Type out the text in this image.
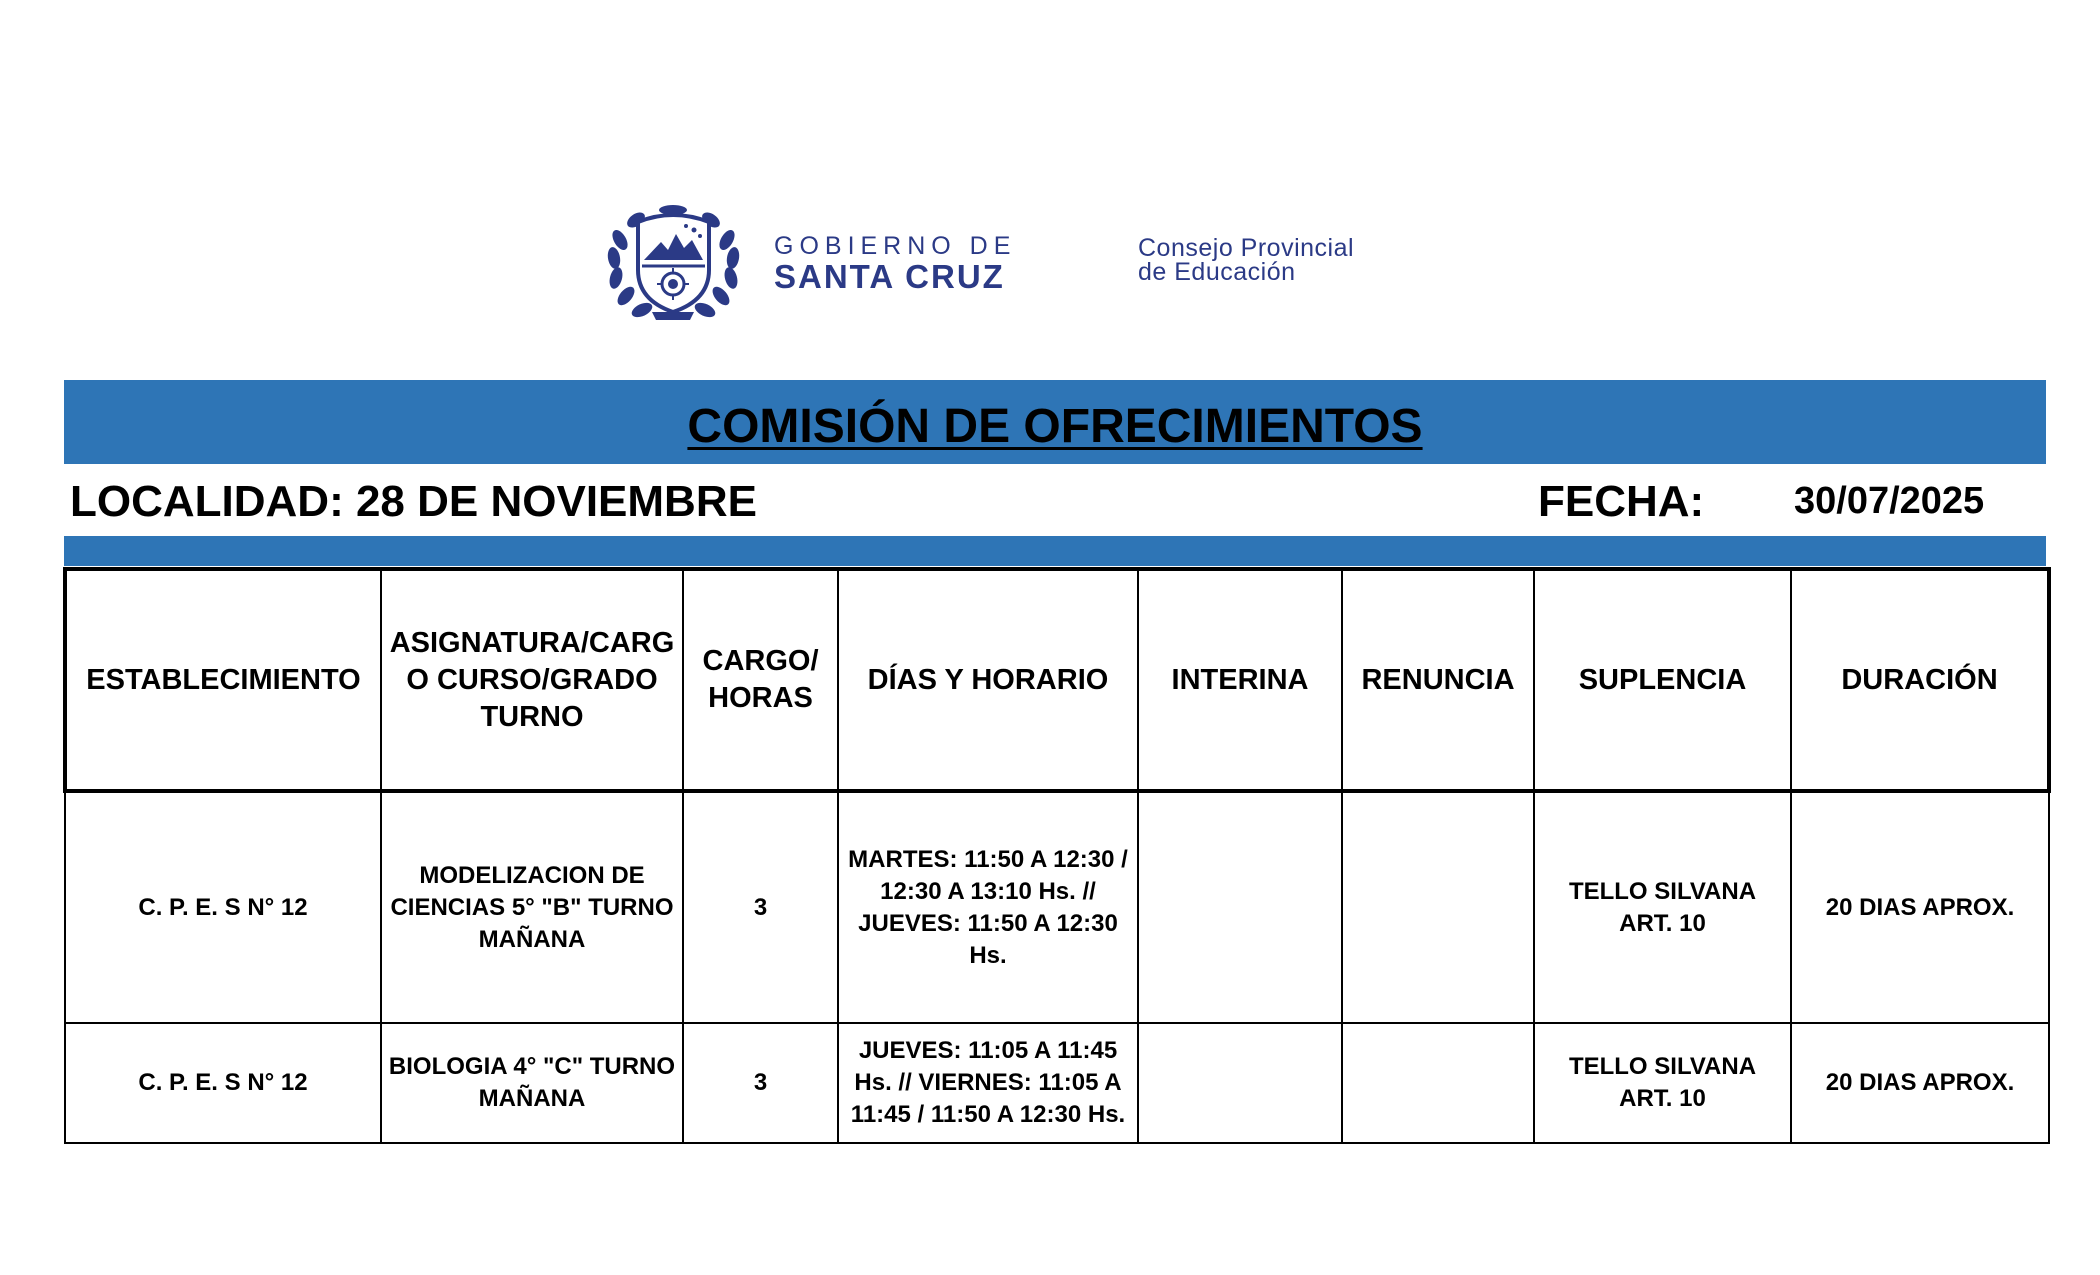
GOBIERNO DE
SANTA CRUZ
Consejo Provincial
de Educación
COMISIÓN DE OFRECIMIENTOS
LOCALIDAD: 28 DE NOVIEMBRE	FECHA: 30/07/2025
ESTABLECIMIENTO	ASIGNATURA/CARG O CURSO/GRADO TURNO	CARGO/ HORAS	DÍAS Y HORARIO	INTERINA	RENUNCIA	SUPLENCIA	DURACIÓN
C. P. E. S N° 12	MODELIZACION DE CIENCIAS 5° "B" TURNO MAÑANA	3	MARTES: 11:50 A 12:30 / 12:30 A 13:10 Hs. // JUEVES: 11:50 A 12:30 Hs.			TELLO SILVANA ART. 10	20 DIAS APROX.
C. P. E. S N° 12	BIOLOGIA 4° "C" TURNO MAÑANA	3	JUEVES: 11:05 A 11:45 Hs. // VIERNES: 11:05 A 11:45 / 11:50 A 12:30 Hs.			TELLO SILVANA ART. 10	20 DIAS APROX.
